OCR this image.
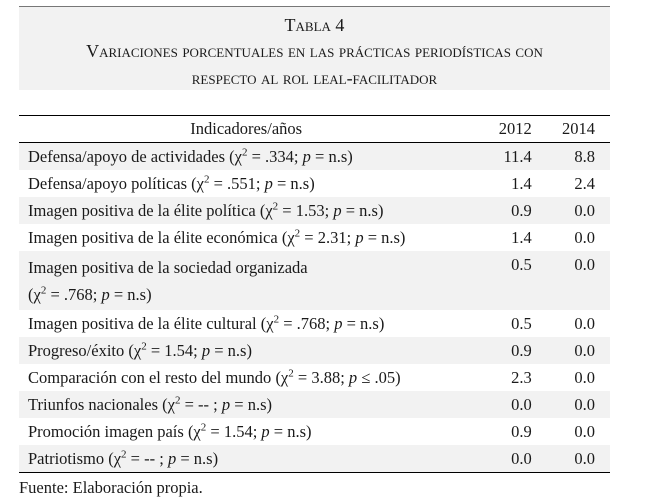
Tabla 4
Variaciones porcentuales en las prácticas periodísticas con
respecto al rol leal-facilitador
Indicadores/años	2012	2014
Defensa/apoyo de actividades ($\chi^2 = .334$; p = n.s)	11.4	8.8
Defensa/apoyo políticas ($\chi^2 = .551$; p = n.s)	1.4	2.4
Imagen positiva de la élite política ($\chi^2 = 1.53$; p = n.s)	0.9	0.0
Imagen positiva de la élite económica ($\chi^2 = 2.31$; p = n.s)	1.4	0.0
Imagen positiva de la sociedad organizada
($\chi^2 = .768$; p = n.s)	0.5	0.0
Imagen positiva de la élite cultural ($\chi^2 = .768$; p = n.s)	0.5	0.0
Progreso/éxito ($\chi^2 = 1.54$; p = n.s)	0.9	0.0
Comparación con el resto del mundo ($\chi^2 = 3.88$; p ≤ .05)	2.3	0.0
Triunfos nacionales ($\chi^2$ = -- ; p = n.s)	0.0	0.0
Promoción imagen país ($\chi^2 = 1.54$; p = n.s)	0.9	0.0
Patriotismo ($\chi^2$ = -- ; p = n.s)	0.0	0.0
Fuente: Elaboración propia.
